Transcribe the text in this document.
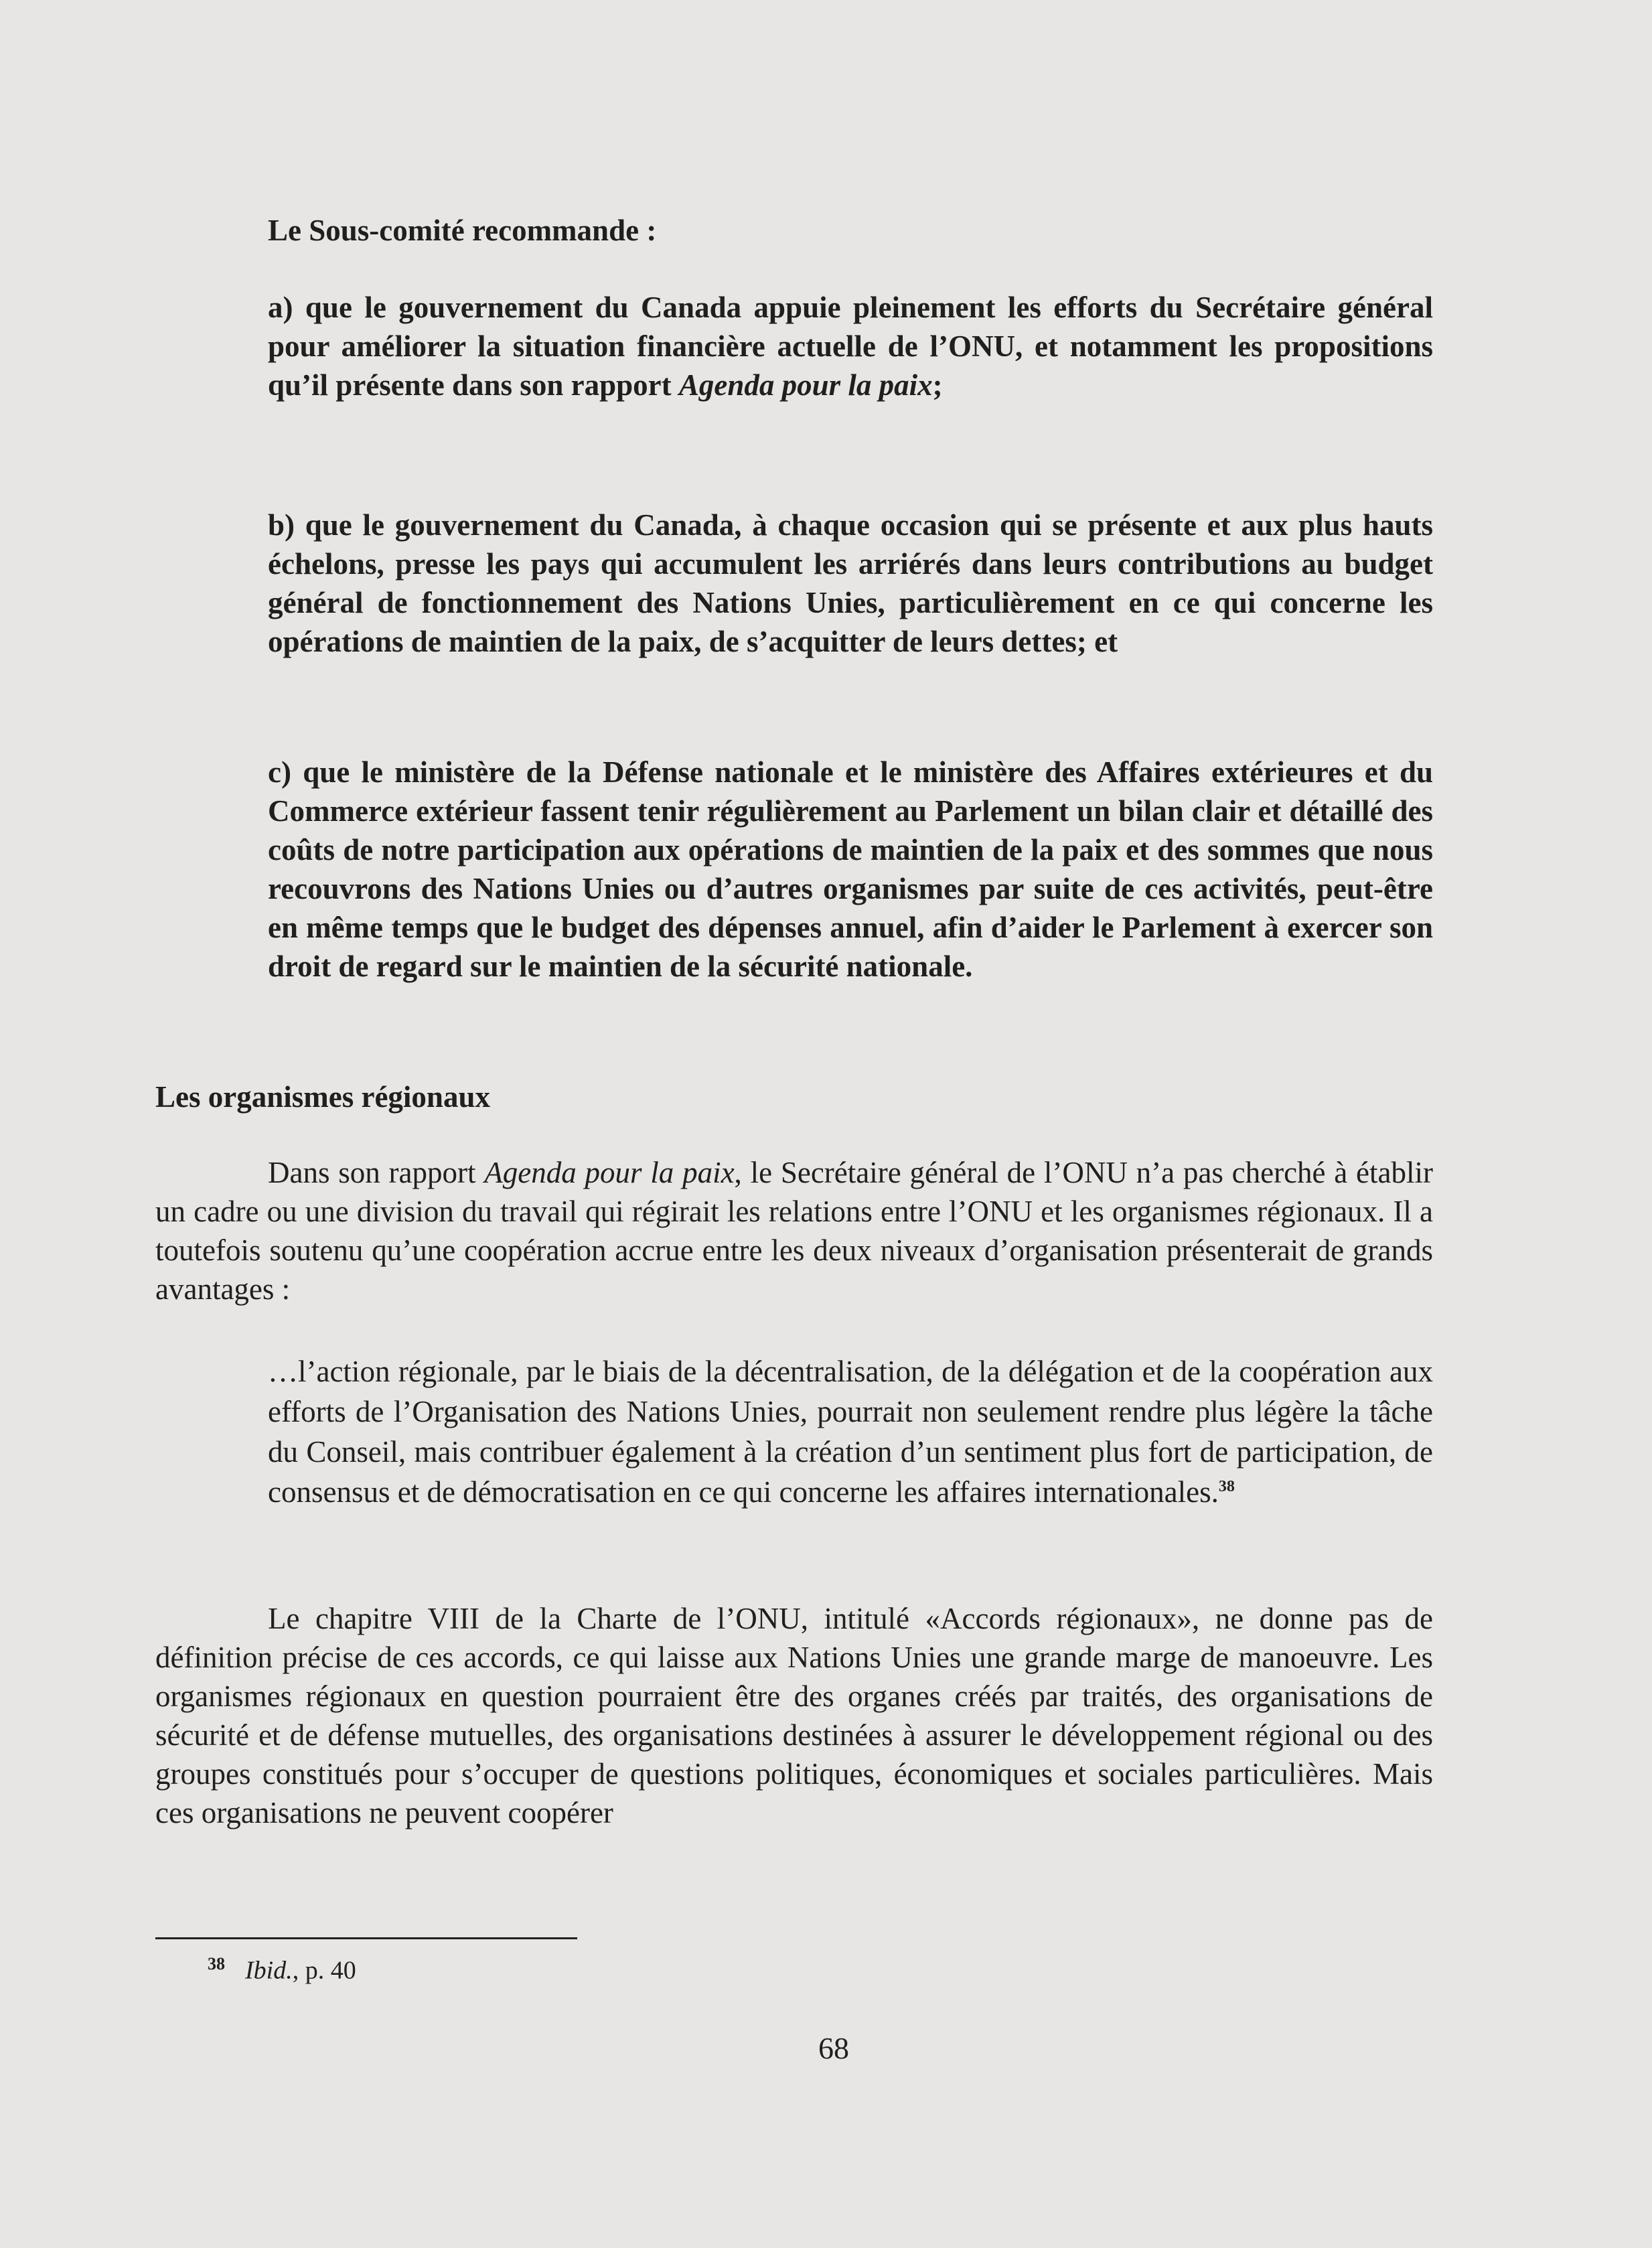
Le Sous-comité recommande :

a) que le gouvernement du Canada appuie pleinement les efforts du Secrétaire général pour améliorer la situation financière actuelle de l’ONU, et notamment les propositions qu’il présente dans son rapport Agenda pour la paix;

b) que le gouvernement du Canada, à chaque occasion qui se présente et aux plus hauts échelons, presse les pays qui accumulent les arriérés dans leurs contributions au budget général de fonctionnement des Nations Unies, particulièrement en ce qui concerne les opérations de maintien de la paix, de s’acquitter de leurs dettes; et

c) que le ministère de la Défense nationale et le ministère des Affaires extérieures et du Commerce extérieur fassent tenir régulièrement au Parlement un bilan clair et détaillé des coûts de notre participation aux opérations de maintien de la paix et des sommes que nous recouvrons des Nations Unies ou d’autres organismes par suite de ces activités, peut-être en même temps que le budget des dépenses annuel, afin d’aider le Parlement à exercer son droit de regard sur le maintien de la sécurité nationale.

Les organismes régionaux

Dans son rapport Agenda pour la paix, le Secrétaire général de l’ONU n’a pas cherché à établir un cadre ou une division du travail qui régirait les relations entre l’ONU et les organismes régionaux. Il a toutefois soutenu qu’une coopération accrue entre les deux niveaux d’organisation présenterait de grands avantages :

…l’action régionale, par le biais de la décentralisation, de la délégation et de la coopération aux efforts de l’Organisation des Nations Unies, pourrait non seulement rendre plus légère la tâche du Conseil, mais contribuer également à la création d’un sentiment plus fort de participation, de consensus et de démocratisation en ce qui concerne les affaires internationales.$^{38}$

Le chapitre VIII de la Charte de l’ONU, intitulé «Accords régionaux», ne donne pas de définition précise de ces accords, ce qui laisse aux Nations Unies une grande marge de manoeuvre. Les organismes régionaux en question pourraient être des organes créés par traités, des organisations de sécurité et de défense mutuelles, des organisations destinées à assurer le développement régional ou des groupes constitués pour s’occuper de questions politiques, économiques et sociales particulières. Mais ces organisations ne peuvent coopérer

$^{38}$ Ibid., p. 40
68
